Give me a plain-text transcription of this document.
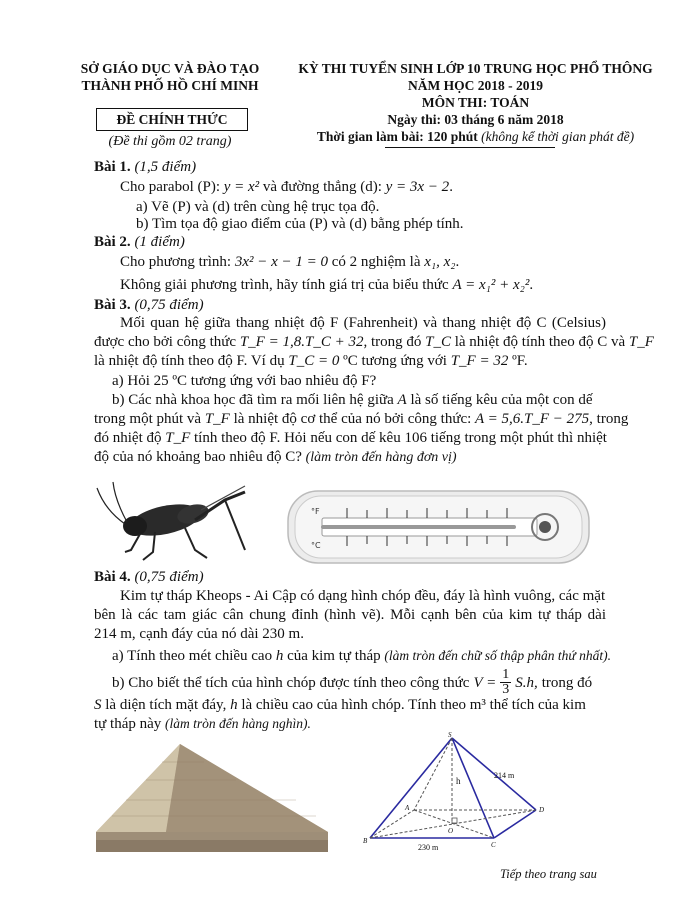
SỞ GIÁO DỤC VÀ ĐÀO TẠO
THÀNH PHỐ HỒ CHÍ MINH
ĐỀ CHÍNH THỨC
(Đề thi gồm 02 trang)
KỲ THI TUYỂN SINH LỚP 10 TRUNG HỌC PHỔ THÔNG
NĂM HỌC 2018 - 2019
MÔN THI: TOÁN
Ngày thi: 03 tháng 6 năm 2018
Thời gian làm bài: 120 phút (không kể thời gian phát đề)
Bài 1. (1,5 điểm)
Cho parabol (P): y = x² và đường thẳng (d): y = 3x − 2.
a) Vẽ (P) và (d) trên cùng hệ trục tọa độ.
b) Tìm tọa độ giao điểm của (P) và (d) bằng phép tính.
Bài 2. (1 điểm)
Cho phương trình: 3x² − x − 1 = 0 có 2 nghiệm là x₁, x₂.
Không giải phương trình, hãy tính giá trị của biểu thức A = x₁² + x₂².
Bài 3. (0,75 điểm)
Mối quan hệ giữa thang nhiệt độ F (Fahrenheit) và thang nhiệt độ C (Celsius)
được cho bởi công thức T_F = 1,8.T_C + 32, trong đó T_C là nhiệt độ tính theo độ C và T_F
là nhiệt độ tính theo độ F. Ví dụ T_C = 0 ºC tương ứng với T_F = 32 ºF.
a) Hỏi 25 ºC tương ứng với bao nhiêu độ F?
b) Các nhà khoa học đã tìm ra mối liên hệ giữa A là số tiếng kêu của một con dế
trong một phút và T_F là nhiệt độ cơ thể của nó bởi công thức: A = 5,6.T_F − 275, trong
đó nhiệt độ T_F tính theo độ F. Hỏi nếu con dế kêu 106 tiếng trong một phút thì nhiệt
độ của nó khoảng bao nhiêu độ C? (làm tròn đến hàng đơn vị)
°F
°C
Bài 4. (0,75 điểm)
Kim tự tháp Kheops - Ai Cập có dạng hình chóp đều, đáy là hình vuông, các mặt
bên là các tam giác cân chung đỉnh (hình vẽ). Mỗi cạnh bên của kim tự tháp dài
214 m, cạnh đáy của nó dài 230 m.
a) Tính theo mét chiều cao h của kim tự tháp (làm tròn đến chữ số thập phân thứ nhất).
b) Cho biết thể tích của hình chóp được tính theo công thức $V = \frac{1}{3} S.h$, trong đó
S là diện tích mặt đáy, h là chiều cao của hình chóp. Tính theo m³ thể tích của kim
tự tháp này (làm tròn đến hàng nghìn).
S
A
B	C
D
O
214 m
h
230 m
Tiếp theo trang sau
